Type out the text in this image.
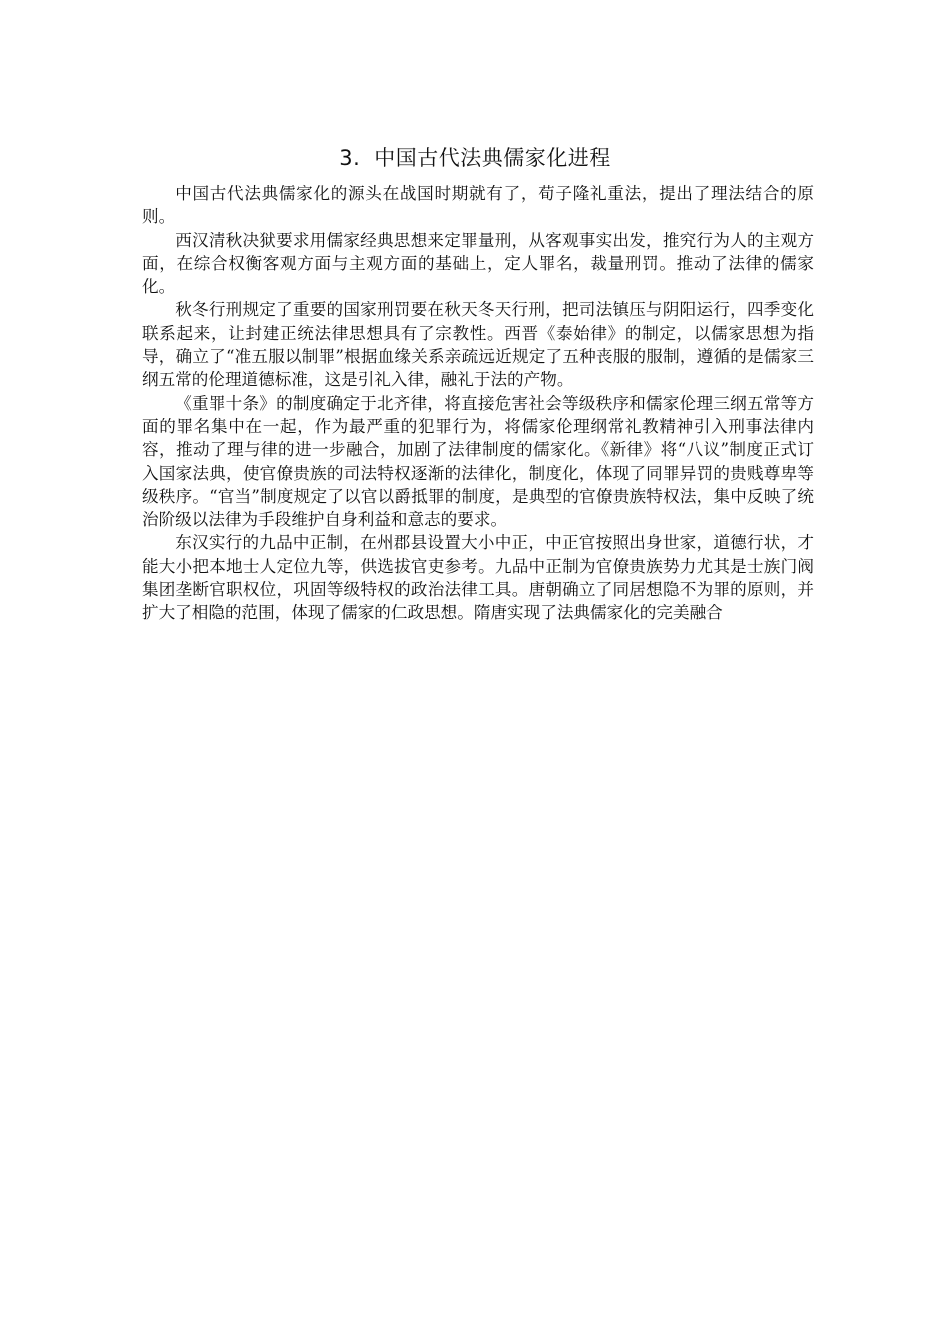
3. 中国古代法典儒家化进程

中国古代法典儒家化的源头在战国时期就有了，荀子隆礼重法，提出了理法结合的原则。

西汉清秋决狱要求用儒家经典思想来定罪量刑，从客观事实出发，推究行为人的主观方面，在综合权衡客观方面与主观方面的基础上，定人罪名，裁量刑罚。推动了法律的儒家化。

秋冬行刑规定了重要的国家刑罚要在秋天冬天行刑，把司法镇压与阴阳运行，四季变化联系起来，让封建正统法律思想具有了宗教性。西晋《泰始律》的制定，以儒家思想为指导，确立了“准五服以制罪”根据血缘关系亲疏远近规定了五种丧服的服制，遵循的是儒家三纲五常的伦理道德标准，这是引礼入律，融礼于法的产物。

《重罪十条》的制度确定于北齐律，将直接危害社会等级秩序和儒家伦理三纲五常等方面的罪名集中在一起，作为最严重的犯罪行为，将儒家伦理纲常礼教精神引入刑事法律内容，推动了理与律的进一步融合，加剧了法律制度的儒家化。《新律》将“八议”制度正式订入国家法典，使官僚贵族的司法特权逐渐的法律化，制度化，体现了同罪异罚的贵贱尊卑等级秩序。“官当”制度规定了以官以爵抵罪的制度，是典型的官僚贵族特权法，集中反映了统治阶级以法律为手段维护自身利益和意志的要求。

东汉实行的九品中正制，在州郡县设置大小中正，中正官按照出身世家，道德行状，才能大小把本地士人定位九等，供选拔官吏参考。九品中正制为官僚贵族势力尤其是士族门阀集团垄断官职权位，巩固等级特权的政治法律工具。唐朝确立了同居想隐不为罪的原则，并扩大了相隐的范围，体现了儒家的仁政思想。隋唐实现了法典儒家化的完美融合
